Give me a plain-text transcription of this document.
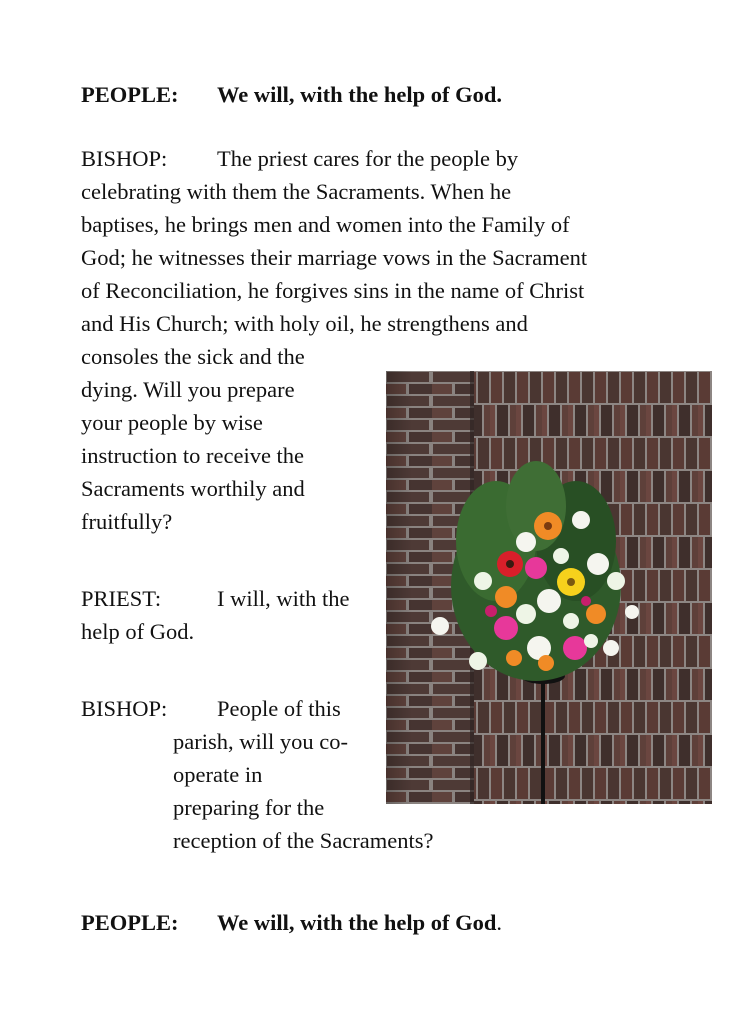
PEOPLE: We will, with the help of God.
BISHOP: The priest cares for the people by
celebrating with them the Sacraments. When he
baptises, he brings men and women into the Family of
God; he witnesses their marriage vows in the Sacrament
of Reconciliation, he forgives sins in the name of Christ
and His Church; with holy oil, he strengthens and
consoles the sick and the
dying. Will you prepare
your people by wise
instruction to receive the
Sacraments worthily and
fruitfully?
PRIEST: I will, with the
help of God.
BISHOP: People of this
parish, will you co-
operate in
preparing for the
reception of the Sacraments?
PEOPLE: We will, with the help of God.
